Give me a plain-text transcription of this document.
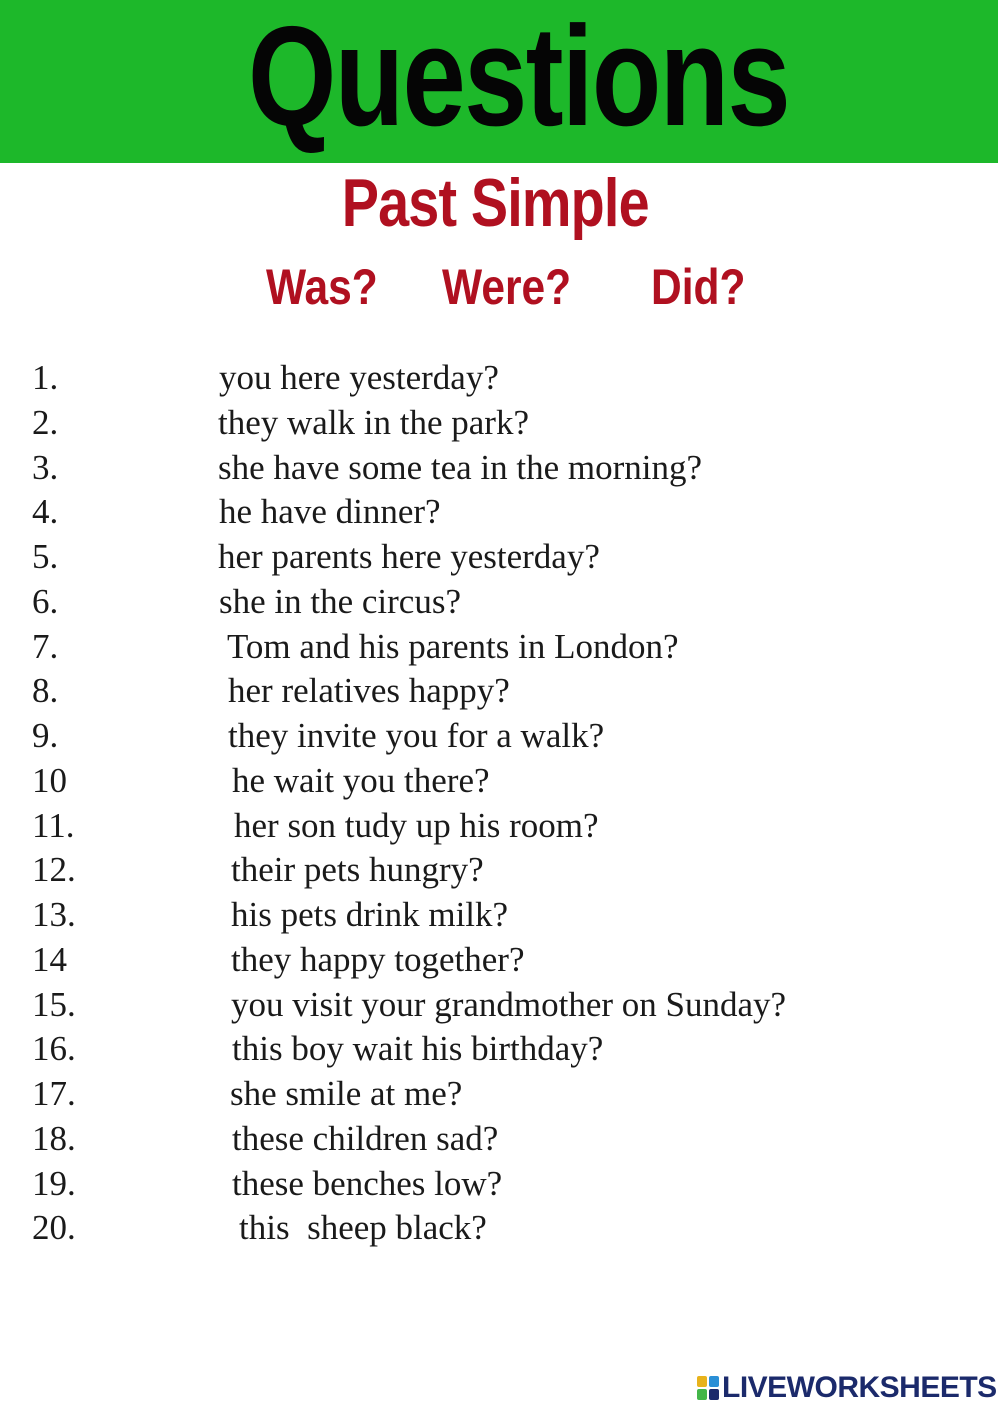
Questions
Past Simple
Was? Were? Did?
1.	you here yesterday?
2.	they walk in the park?
3.	she have some tea in the morning?
4.	he have dinner?
5.	her parents here yesterday?
6.	she in the circus?
7.	Tom and his parents in London?
8.	her relatives happy?
9.	they invite you for a walk?
10	he wait you there?
11.	her son tudy up his room?
12.	their pets hungry?
13.	his pets drink milk?
14	they happy together?
15.	you visit your grandmother on Sunday?
16.	this boy wait his birthday?
17.	she smile at me?
18.	these children sad?
19.	these benches low?
20.	this  sheep black?
LIVEWORKSHEETS
